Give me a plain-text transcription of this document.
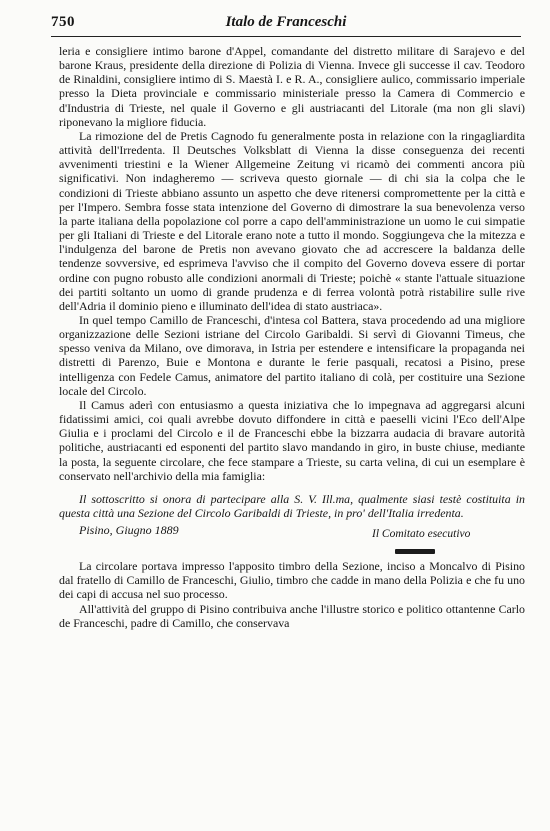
750	Italo de Franceschi

leria e consigliere intimo barone d'Appel, comandante del distretto militare di Sarajevo e del barone Kraus, presidente della direzione di Polizia di Vienna. Invece gli successe il cav. Teodoro de Rinaldini, consigliere intimo di S. Maestà I. e R. A., consigliere aulico, commissario imperiale presso la Dieta provinciale e commissario ministeriale presso la Camera di Commercio e d'Industria di Trieste, nel quale il Governo e gli austriacanti del Litorale (ma non gli slavi) riponevano la migliore fiducia.

La rimozione del de Pretis Cagnodo fu generalmente posta in relazione con la ringagliardita attività dell'Irredenta. Il Deutsches Volksblatt di Vienna la disse conseguenza dei recenti avvenimenti triestini e la Wiener Allgemeine Zeitung vi ricamò dei commenti ancora più significativi. Non indagheremo — scriveva questo giornale — di chi sia la colpa che le condizioni di Trieste abbiano assunto un aspetto che deve ritenersi compromettente per la città e per l'Impero. Sembra fosse stata intenzione del Governo di dimostrare la sua benevolenza verso la parte italiana della popolazione col porre a capo dell'amministrazione un uomo le cui simpatie per gli Italiani di Trieste e del Litorale erano note a tutto il mondo. Soggiungeva che la mitezza e l'indulgenza del barone de Pretis non avevano giovato che ad accrescere la baldanza delle tendenze sovversive, ed esprimeva l'avviso che il compito del Governo doveva essere di portar ordine con pugno robusto alle condizioni anormali di Trieste; poichè « stante l'attuale situazione dei partiti soltanto un uomo di grande prudenza e di ferrea volontà potrà ristabilire sulle rive dell'Adria il dominio pieno e illuminato dell'idea di stato austriaca».

In quel tempo Camillo de Franceschi, d'intesa col Battera, stava procedendo ad una migliore organizzazione delle Sezioni istriane del Circolo Garibaldi. Si servì di Giovanni Timeus, che spesso veniva da Milano, ove dimorava, in Istria per estendere e intensificare la propaganda nei distretti di Parenzo, Buie e Montona e durante le ferie pasquali, recatosi a Pisino, prese intelligenza con Fedele Camus, animatore del partito italiano di colà, per costituire una Sezione locale del Circolo.

Il Camus aderì con entusiasmo a questa iniziativa che lo impegnava ad aggregarsi alcuni fidatissimi amici, coi quali avrebbe dovuto diffondere in città e paeselli vicini l'Eco dell'Alpe Giulia e i proclami del Circolo e il de Franceschi ebbe la bizzarra audacia di bravare autorità politiche, austriacanti ed esponenti del partito slavo mandando in giro, in buste chiuse, mediante la posta, la seguente circolare, che fece stampare a Trieste, su carta velina, di cui un esemplare è conservato nell'archivio della mia famiglia:

Il sottoscritto si onora di partecipare alla S. V. Ill.ma, qualmente siasi testè costituita in questa città una Sezione del Circolo Garibaldi di Trieste, in pro' dell'Italia irredenta.

Pisino, Giugno 1889	Il Comitato esecutivo

La circolare portava impresso l'apposito timbro della Sezione, inciso a Moncalvo di Pisino dal fratello di Camillo de Franceschi, Giulio, timbro che cadde in mano della Polizia e che fu uno dei capi di accusa nel suo processo.

All'attività del gruppo di Pisino contribuiva anche l'illustre storico e politico ottantenne Carlo de Franceschi, padre di Camillo, che conservava
